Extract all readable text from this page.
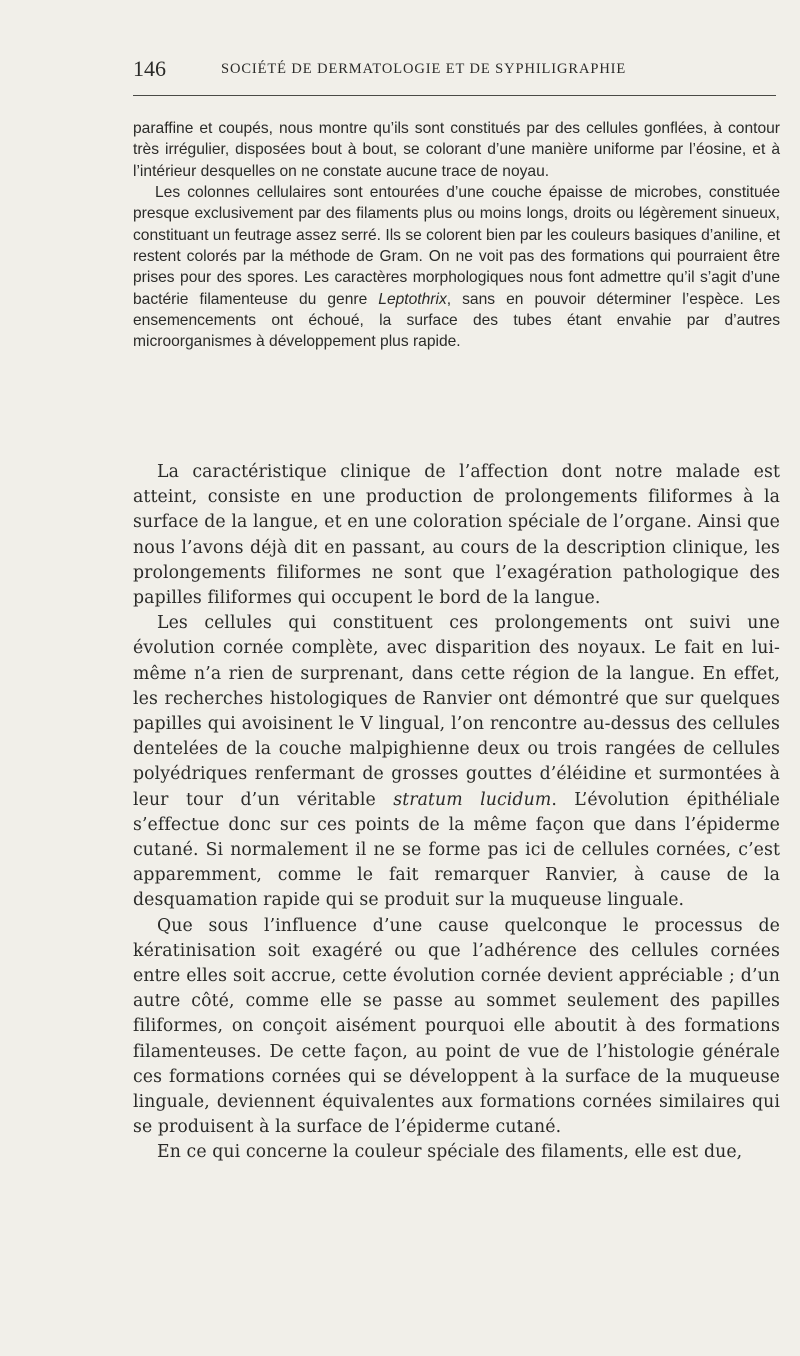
146	SOCIÉTÉ DE DERMATOLOGIE ET DE SYPHILIGRAPHIE

paraffine et coupés, nous montre qu’ils sont constitués par des cellules gonflées, à contour très irrégulier, disposées bout à bout, se colorant d’une manière uniforme par l’éosine, et à l’intérieur desquelles on ne constate aucune trace de noyau.

Les colonnes cellulaires sont entourées d’une couche épaisse de microbes, constituée presque exclusivement par des filaments plus ou moins longs, droits ou légèrement sinueux, constituant un feutrage assez serré. Ils se colorent bien par les couleurs basiques d’aniline, et restent colorés par la méthode de Gram. On ne voit pas des formations qui pourraient être prises pour des spores. Les caractères morphologiques nous font admettre qu’il s’agit d’une bactérie filamenteuse du genre Leptothrix, sans en pouvoir déterminer l’espèce. Les ensemencements ont échoué, la surface des tubes étant envahie par d’autres microorganismes à développement plus rapide.

La caractéristique clinique de l’affection dont notre malade est atteint, consiste en une production de prolongements filiformes à la surface de la langue, et en une coloration spéciale de l’organe. Ainsi que nous l’avons déjà dit en passant, au cours de la description clinique, les prolongements filiformes ne sont que l’exagération pathologique des papilles filiformes qui occupent le bord de la langue.

Les cellules qui constituent ces prolongements ont suivi une évolution cornée complète, avec disparition des noyaux. Le fait en lui-même n’a rien de surprenant, dans cette région de la langue. En effet, les recherches histologiques de Ranvier ont démontré que sur quelques papilles qui avoisinent le V lingual, l’on rencontre au-dessus des cellules dentelées de la couche malpighienne deux ou trois rangées de cellules polyédriques renfermant de grosses gouttes d’éléidine et surmontées à leur tour d’un véritable stratum lucidum. L’évolution épithéliale s’effectue donc sur ces points de la même façon que dans l’épiderme cutané. Si normalement il ne se forme pas ici de cellules cornées, c’est apparemment, comme le fait remarquer Ranvier, à cause de la desquamation rapide qui se produit sur la muqueuse linguale.

Que sous l’influence d’une cause quelconque le processus de kératinisation soit exagéré ou que l’adhérence des cellules cornées entre elles soit accrue, cette évolution cornée devient appréciable ; d’un autre côté, comme elle se passe au sommet seulement des papilles filiformes, on conçoit aisément pourquoi elle aboutit à des formations filamenteuses. De cette façon, au point de vue de l’histologie générale ces formations cornées qui se développent à la surface de la muqueuse linguale, deviennent équivalentes aux formations cornées similaires qui se produisent à la surface de l’épiderme cutané.

En ce qui concerne la couleur spéciale des filaments, elle est due,
